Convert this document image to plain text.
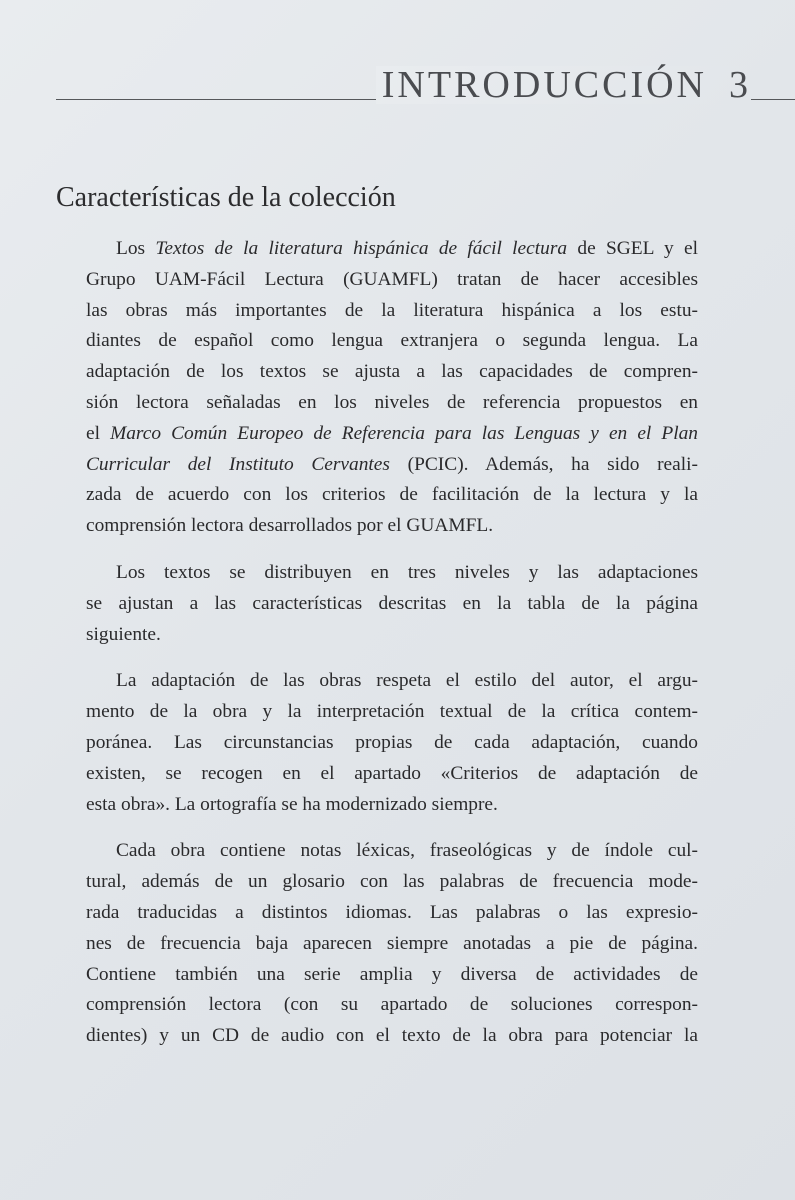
INTRODUCCIÓN 3
Características de la colección
Los Textos de la literatura hispánica de fácil lectura de SGEL y el
Grupo UAM-Fácil Lectura (GUAMFL) tratan de hacer accesibles
las obras más importantes de la literatura hispánica a los estu-
diantes de español como lengua extranjera o segunda lengua. La
adaptación de los textos se ajusta a las capacidades de compren-
sión lectora señaladas en los niveles de referencia propuestos en
el Marco Común Europeo de Referencia para las Lenguas y en el Plan
Curricular del Instituto Cervantes (PCIC). Además, ha sido reali-
zada de acuerdo con los criterios de facilitación de la lectura y la
comprensión lectora desarrollados por el GUAMFL.
Los textos se distribuyen en tres niveles y las adaptaciones
se ajustan a las características descritas en la tabla de la página
siguiente.
La adaptación de las obras respeta el estilo del autor, el argu-
mento de la obra y la interpretación textual de la crítica contem-
poránea. Las circunstancias propias de cada adaptación, cuando
existen, se recogen en el apartado «Criterios de adaptación de
esta obra». La ortografía se ha modernizado siempre.
Cada obra contiene notas léxicas, fraseológicas y de índole cul-
tural, además de un glosario con las palabras de frecuencia mode-
rada traducidas a distintos idiomas. Las palabras o las expresio-
nes de frecuencia baja aparecen siempre anotadas a pie de página.
Contiene también una serie amplia y diversa de actividades de
comprensión lectora (con su apartado de soluciones correspon-
dientes) y un CD de audio con el texto de la obra para potenciar la
